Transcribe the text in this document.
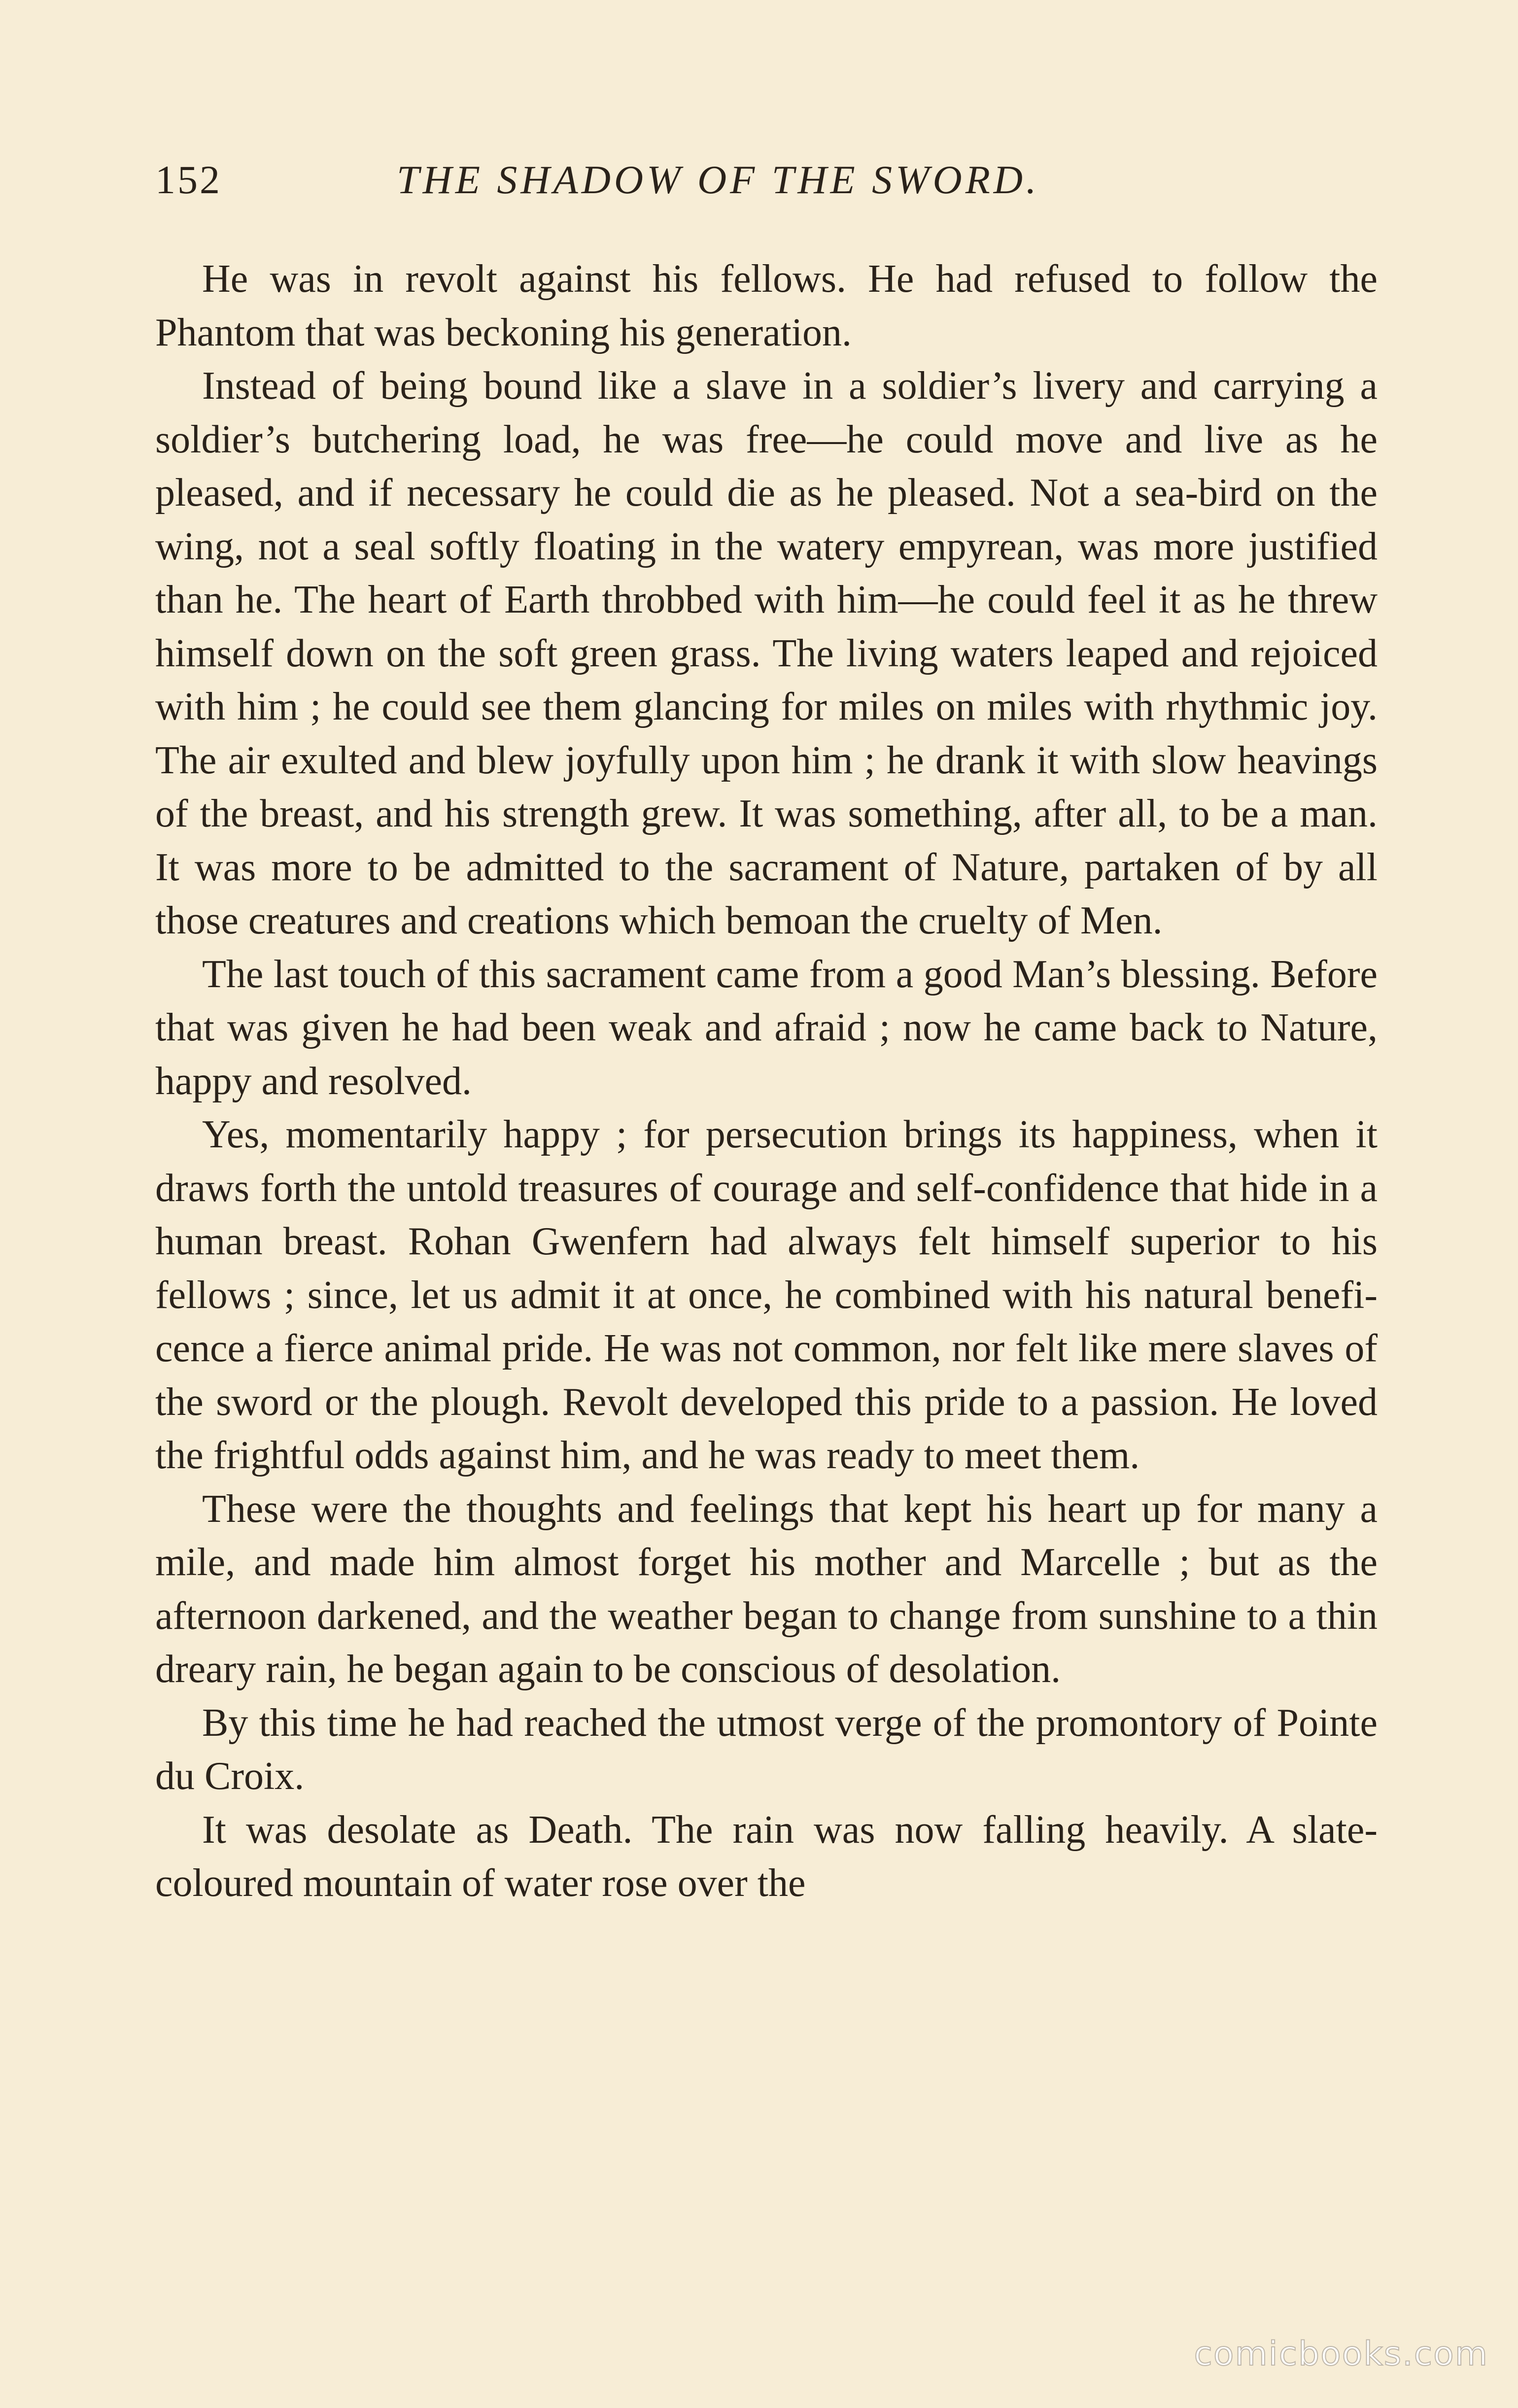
152	THE SHADOW OF THE SWORD.

He was in revolt against his fellows. He had refused to follow the Phantom that was beckoning his generation.

Instead of being bound like a slave in a soldier’s livery and carrying a soldier’s butchering load, he was free—he could move and live as he pleased, and if necessary he could die as he pleased. Not a sea-bird on the wing, not a seal softly floating in the watery empyrean, was more justified than he. The heart of Earth throbbed with him—he could feel it as he threw himself down on the soft green grass. The living waters leaped and rejoiced with him ; he could see them glancing for miles on miles with rhythmic joy. The air exulted and blew joyfully upon him ; he drank it with slow heavings of the breast, and his strength grew. It was something, after all, to be a man. It was more to be admitted to the sacrament of Nature, partaken of by all those creatures and creations which bemoan the cruelty of Men.

The last touch of this sacrament came from a good Man’s blessing. Before that was given he had been weak and afraid ; now he came back to Nature, happy and resolved.

Yes, momentarily happy ; for persecution brings its happiness, when it draws forth the untold treasures of courage and self-confidence that hide in a human breast. Rohan Gwenfern had always felt himself superior to his fellows ; since, let us admit it at once, he combined with his natural beneficence a fierce animal pride. He was not common, nor felt like mere slaves of the sword or the plough. Revolt developed this pride to a passion. He loved the frightful odds against him, and he was ready to meet them.

These were the thoughts and feelings that kept his heart up for many a mile, and made him almost forget his mother and Marcelle ; but as the afternoon darkened, and the weather began to change from sunshine to a thin dreary rain, he began again to be conscious of desolation.

By this time he had reached the utmost verge of the promontory of Pointe du Croix.

It was desolate as Death. The rain was now falling heavily. A slate-coloured mountain of water rose over the

comicbooks.com
